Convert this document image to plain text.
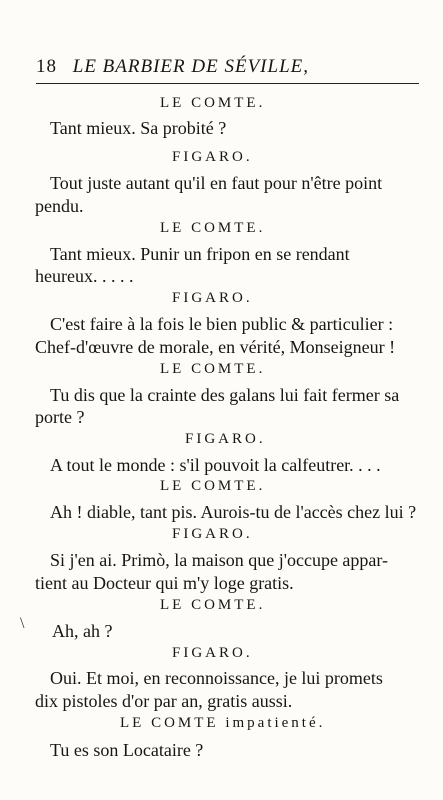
18 LE BARBIER DE SÉVILLE,
LE COMTE.
Tant mieux. Sa probité ?
FIGARO.
Tout juste autant qu'il en faut pour n'être point
pendu.
LE COMTE.
Tant mieux. Punir un fripon en se rendant
heureux. . . . .
FIGARO.
C'est faire à la fois le bien public & particulier :
Chef-d'œuvre de morale, en vérité, Monseigneur !
LE COMTE.
Tu dis que la crainte des galans lui fait fermer sa
porte ?
FIGARO.
A tout le monde : s'il pouvoit la calfeutrer. . . .
LE COMTE.
Ah ! diable, tant pis. Aurois-tu de l'accès chez lui ?
FIGARO.
Si j'en ai. Primò, la maison que j'occupe appar-
tient au Docteur qui m'y loge gratis.
LE COMTE.
Ah, ah ?
FIGARO.
Oui. Et moi, en reconnoissance, je lui promets
dix pistoles d'or par an, gratis aussi.
LE COMTE impatienté.
Tu es son Locataire ?
\
